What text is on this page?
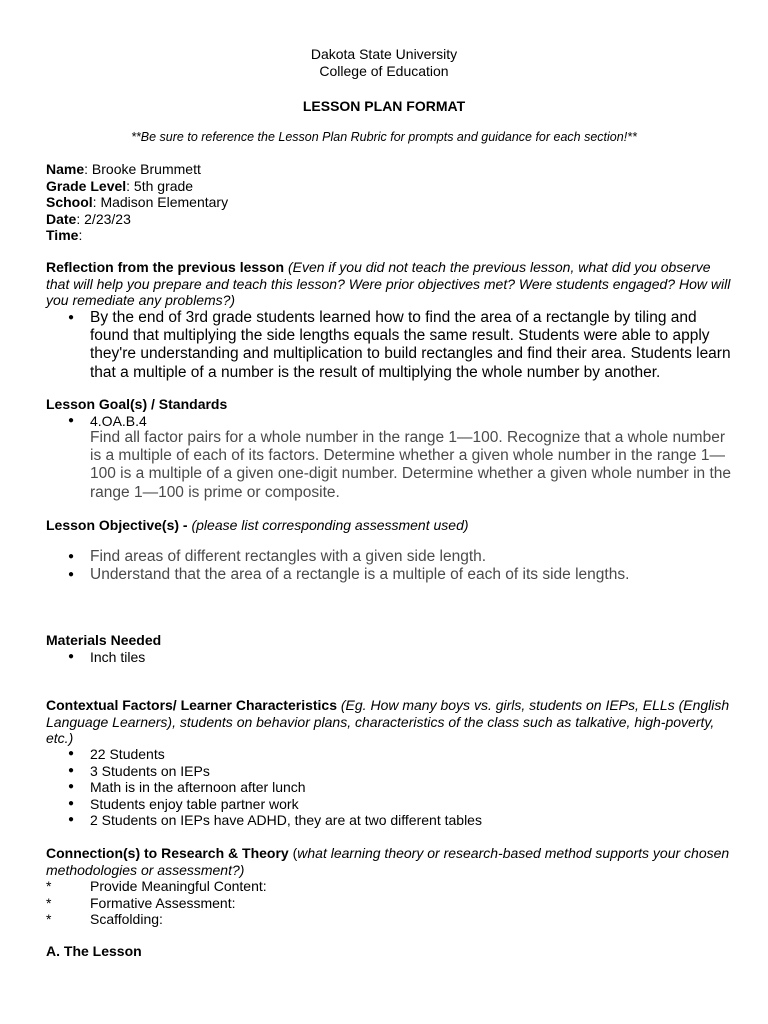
Dakota State University
College of Education
LESSON PLAN FORMAT
**Be sure to reference the Lesson Plan Rubric for prompts and guidance for each section!**
Name: Brooke Brummett
Grade Level: 5th grade
School: Madison Elementary
Date: 2/23/23
Time:
Reflection from the previous lesson (Even if you did not teach the previous lesson, what did you observe that will help you prepare and teach this lesson? Were prior objectives met? Were students engaged? How will you remediate any problems?)
● By the end of 3rd grade students learned how to find the area of a rectangle by tiling and found that multiplying the side lengths equals the same result. Students were able to apply they're understanding and multiplication to build rectangles and find their area. Students learn that a multiple of a number is the result of multiplying the whole number by another.
Lesson Goal(s) / Standards
● 4.OA.B.4
Find all factor pairs for a whole number in the range 1—100. Recognize that a whole number is a multiple of each of its factors. Determine whether a given whole number in the range 1—100 is a multiple of a given one-digit number. Determine whether a given whole number in the range 1—100 is prime or composite.
Lesson Objective(s) - (please list corresponding assessment used)
● Find areas of different rectangles with a given side length.
● Understand that the area of a rectangle is a multiple of each of its side lengths.
Materials Needed
● Inch tiles
Contextual Factors/ Learner Characteristics (Eg. How many boys vs. girls, students on IEPs, ELLs (English Language Learners), students on behavior plans, characteristics of the class such as talkative, high-poverty, etc.)
● 22 Students
● 3 Students on IEPs
● Math is in the afternoon after lunch
● Students enjoy table partner work
● 2 Students on IEPs have ADHD, they are at two different tables
Connection(s) to Research & Theory (what learning theory or research-based method supports your chosen methodologies or assessment?)
* Provide Meaningful Content:
* Formative Assessment:
* Scaffolding:
A. The Lesson
